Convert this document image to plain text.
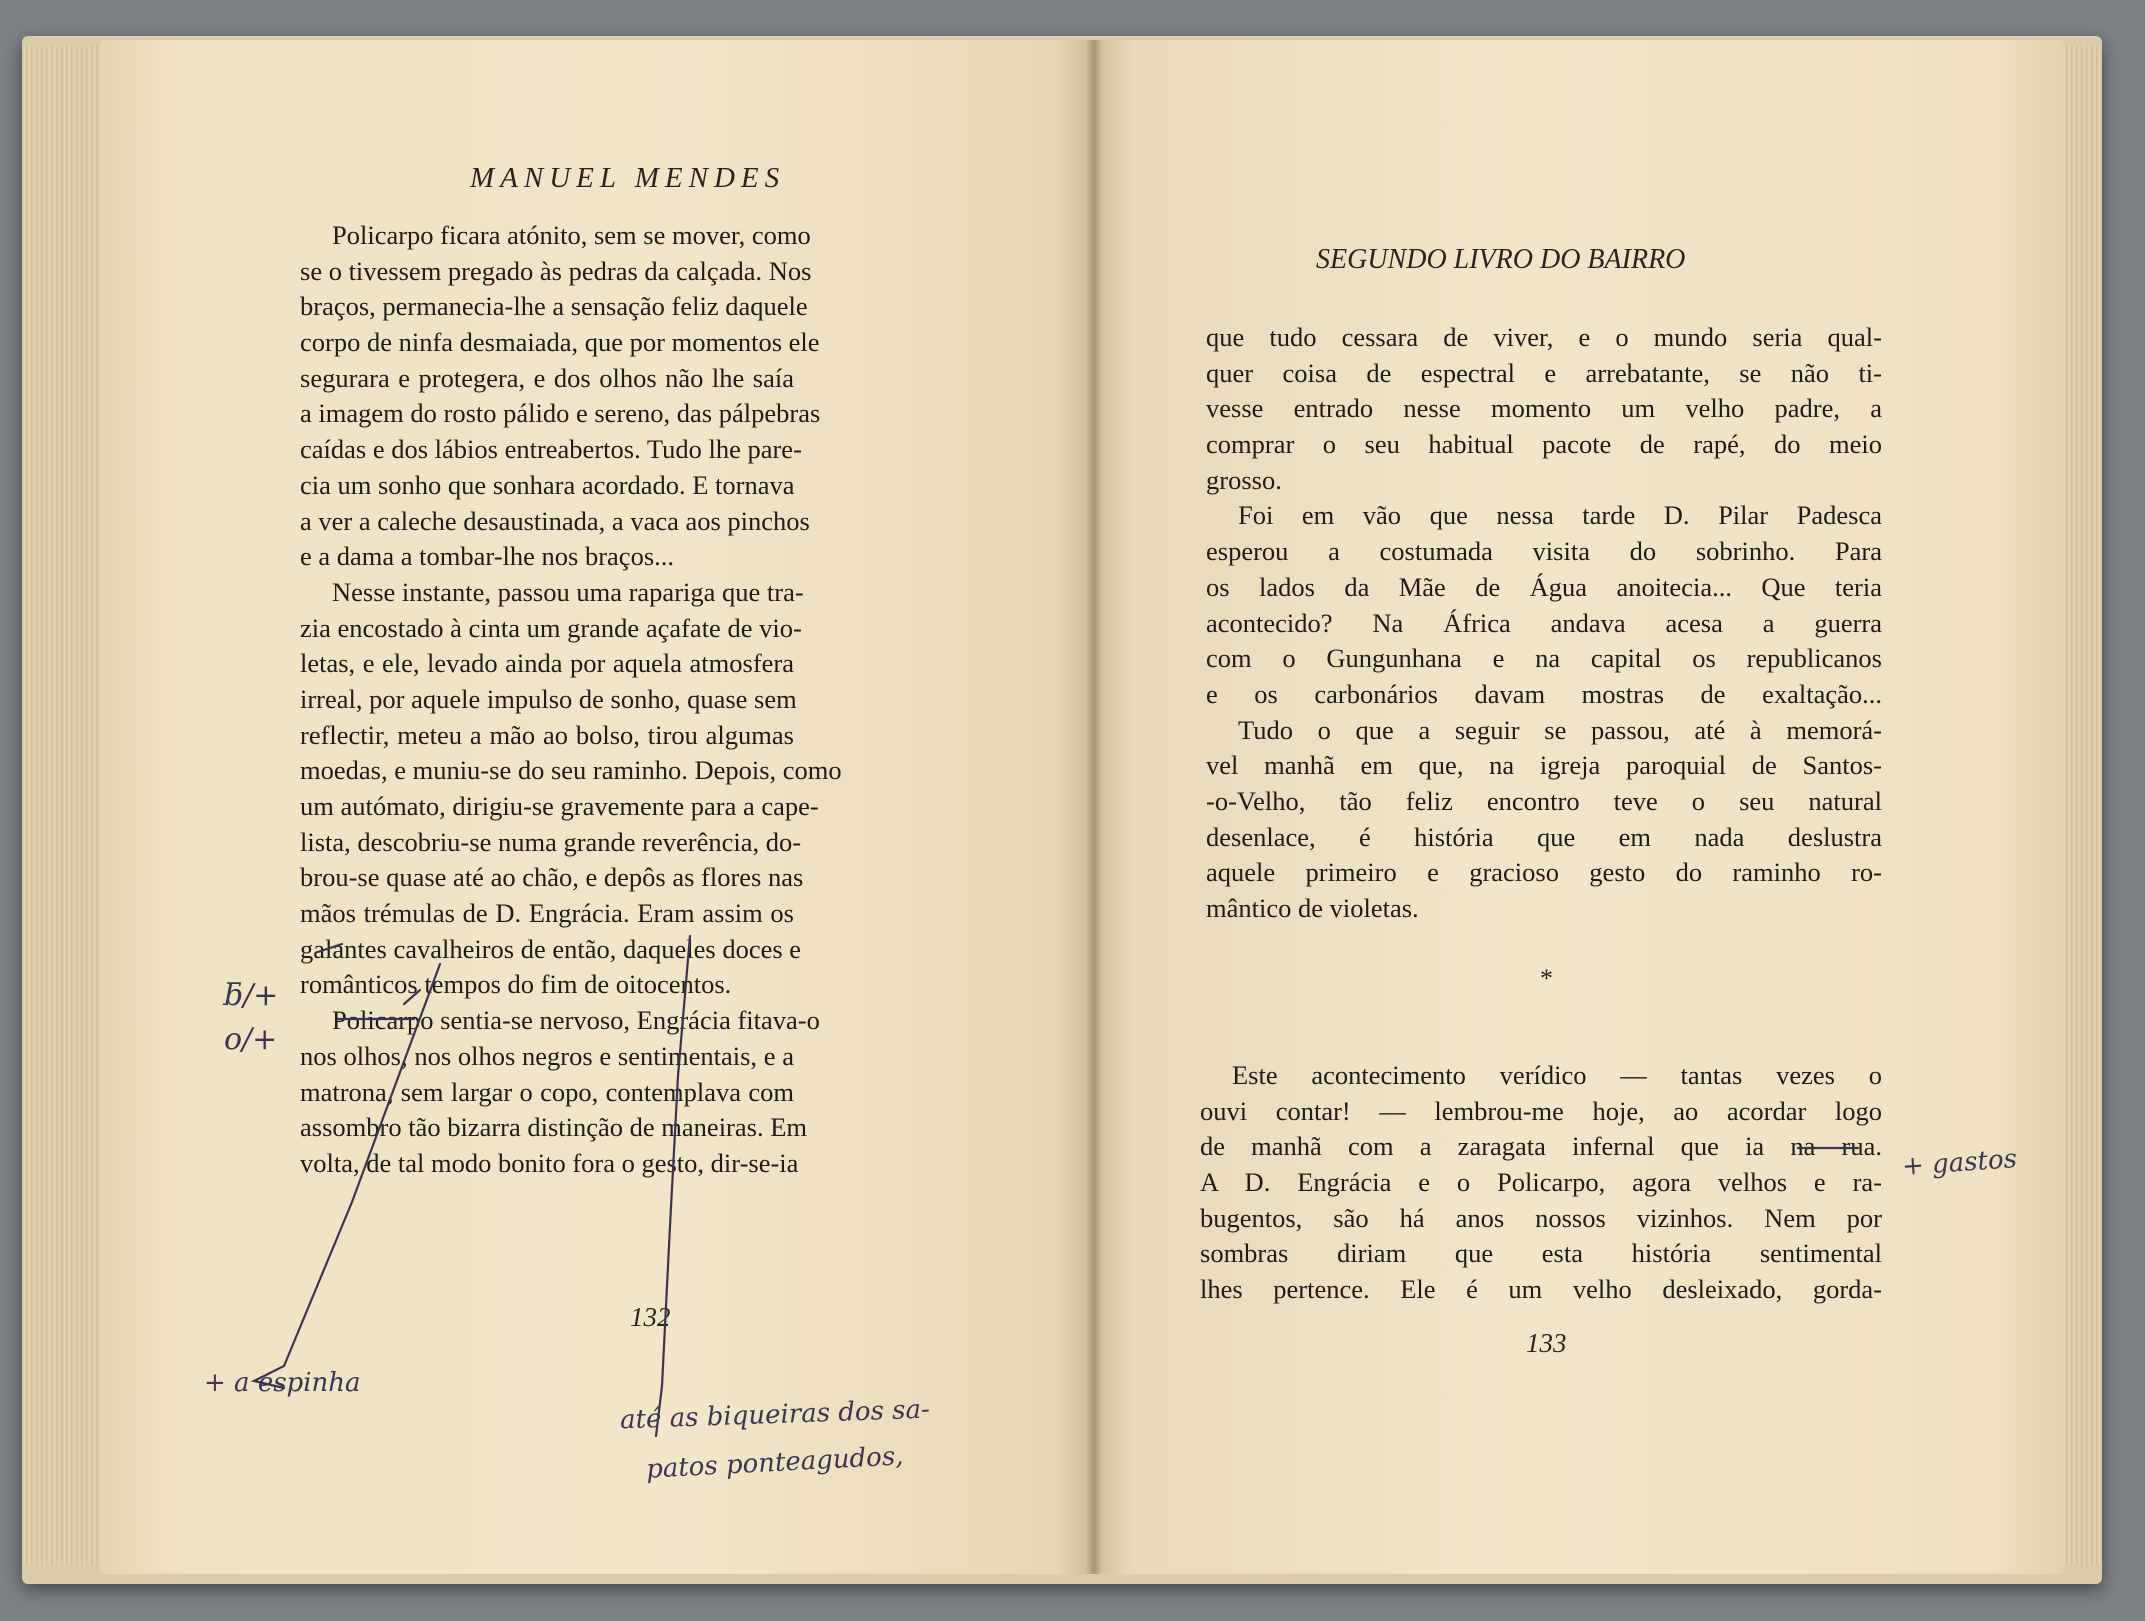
MANUEL MENDES
Policarpo ficara atónito, sem se mover, como
se o tivessem pregado às pedras da calçada. Nos
braços, permanecia-lhe a sensação feliz daquele
corpo de ninfa desmaiada, que por momentos ele
segurara e protegera, e dos olhos não lhe saía
a imagem do rosto pálido e sereno, das pálpebras
caídas e dos lábios entreabertos. Tudo lhe pare-
cia um sonho que sonhara acordado. E tornava
a ver a caleche desaustinada, a vaca aos pinchos
e a dama a tombar-lhe nos braços...
Nesse instante, passou uma rapariga que tra-
zia encostado à cinta um grande açafate de vio-
letas, e ele, levado ainda por aquela atmosfera
irreal, por aquele impulso de sonho, quase sem
reflectir, meteu a mão ao bolso, tirou algumas
moedas, e muniu-se do seu raminho. Depois, como
um autómato, dirigiu-se gravemente para a cape-
lista, descobriu-se numa grande reverência, do-
brou-se quase até ao chão, e depôs as flores nas
mãos trémulas de D. Engrácia. Eram assim os
galantes cavalheiros de então, daqueles doces e
românticos tempos do fim de oitocentos.
Policarpo sentia-se nervoso, Engrácia fitava-o
nos olhos, nos olhos negros e sentimentais, e a
matrona, sem largar o copo, contemplava com
assombro tão bizarra distinção de maneiras. Em
volta, de tal modo bonito fora o gesto, dir-se-ia
132
ƃ/+
o/+
+ a espinha
até as biqueiras dos sa-
patos ponteagudos,
SEGUNDO LIVRO DO BAIRRO
que tudo cessara de viver, e o mundo seria qual-
quer coisa de espectral e arrebatante, se não ti-
vesse entrado nesse momento um velho padre, a
comprar o seu habitual pacote de rapé, do meio
grosso.
Foi em vão que nessa tarde D. Pilar Padesca
esperou a costumada visita do sobrinho. Para
os lados da Mãe de Água anoitecia... Que teria
acontecido? Na África andava acesa a guerra
com o Gungunhana e na capital os republicanos
e os carbonários davam mostras de exaltação...
Tudo o que a seguir se passou, até à memorá-
vel manhã em que, na igreja paroquial de Santos-
-o-Velho, tão feliz encontro teve o seu natural
desenlace, é história que em nada deslustra
aquele primeiro e gracioso gesto do raminho ro-
mântico de violetas.
*
Este acontecimento verídico — tantas vezes o
ouvi contar! — lembrou-me hoje, ao acordar logo
de manhã com a zaragata infernal que ia na rua.
A D. Engrácia e o Policarpo, agora velhos e ra-
bugentos, são há anos nossos vizinhos. Nem por
sombras diriam que esta história sentimental
lhes pertence. Ele é um velho desleixado, gorda-
133
+ gastos
